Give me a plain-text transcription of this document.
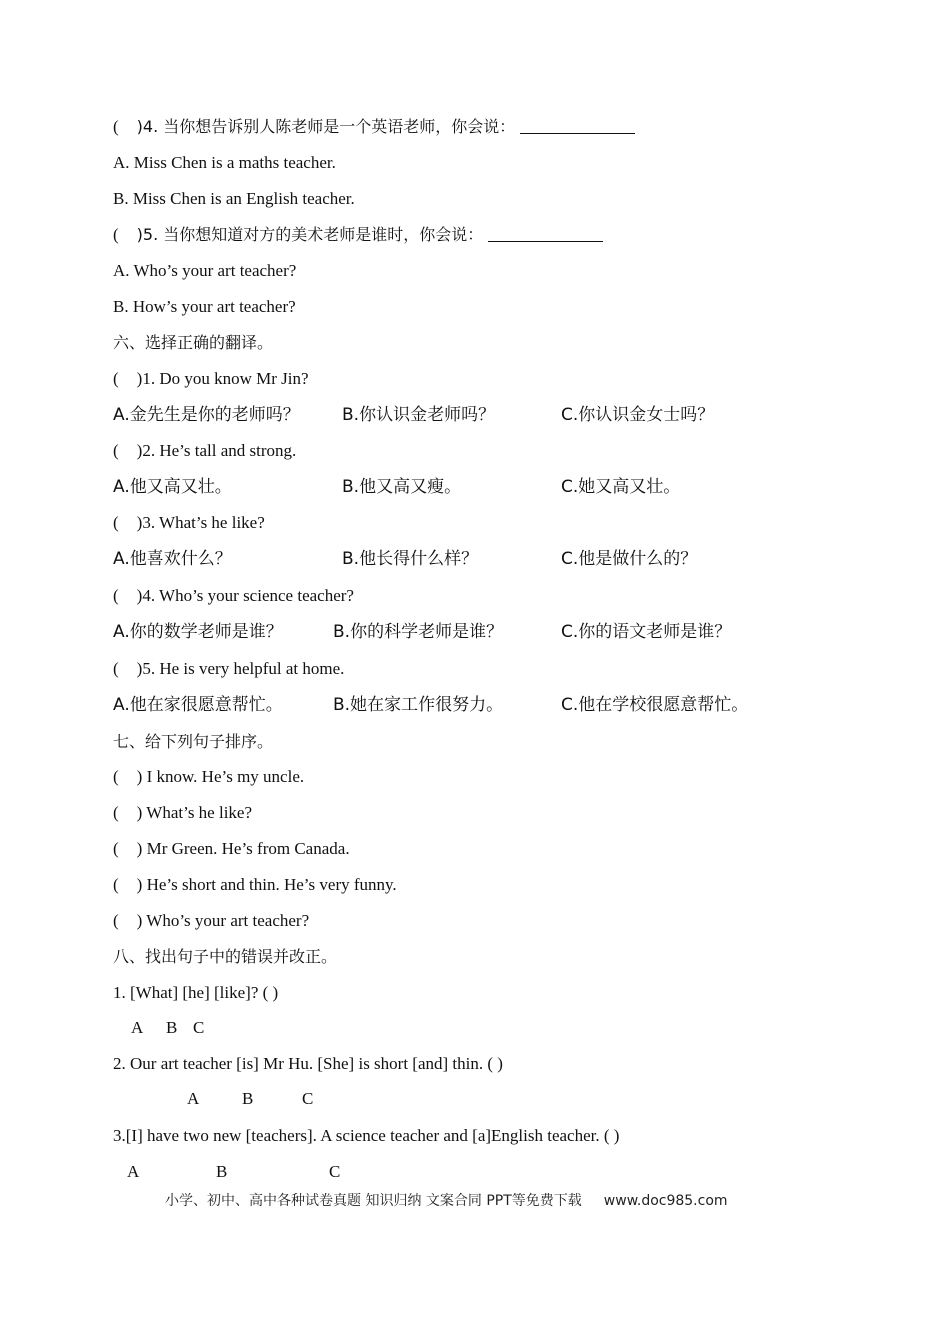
( )4. 当你想告诉别人陈老师是一个英语老师，你会说：
A. Miss Chen is a maths teacher.
B. Miss Chen is an English teacher.
( )5. 当你想知道对方的美术老师是谁时，你会说：
A. Who’s your art teacher?
B. How’s your art teacher?
六、选择正确的翻译。
( )1. Do you know Mr Jin?
A.金先生是你的老师吗？ B.你认识金老师吗？	C.你认识金女士吗？
( )2. He’s tall and strong.
A.他又高又壮。	B.他又高又瘦。	C.她又高又壮。
( )3. What’s he like?
A.他喜欢什么？	B.他长得什么样？	C.他是做什么的？
( )4. Who’s your science teacher?
A.你的数学老师是谁？	B.你的科学老师是谁？	C.你的语文老师是谁？
( )5. He is very helpful at home.
A.他在家很愿意帮忙。	B.她在家工作很努力。	C.他在学校很愿意帮忙。
七、给下列句子排序。
( ) I know. He’s my uncle.
( ) What’s he like?
( ) Mr Green. He’s from Canada.
( ) He’s short and thin. He’s very funny.
( ) Who’s your art teacher?
八、找出句子中的错误并改正。
1. [What] [he] [like]? ( )
A B C
2. Our art teacher [is] Mr Hu. [She] is short [and] thin. ( )
A	B	C
3.[I] have two new [teachers]. A science teacher and [a]English teacher. ( )
A	B	C
小学、初中、高中各种试卷真题 知识归纳 文案合同 PPT等免费下载 www.doc985.com
